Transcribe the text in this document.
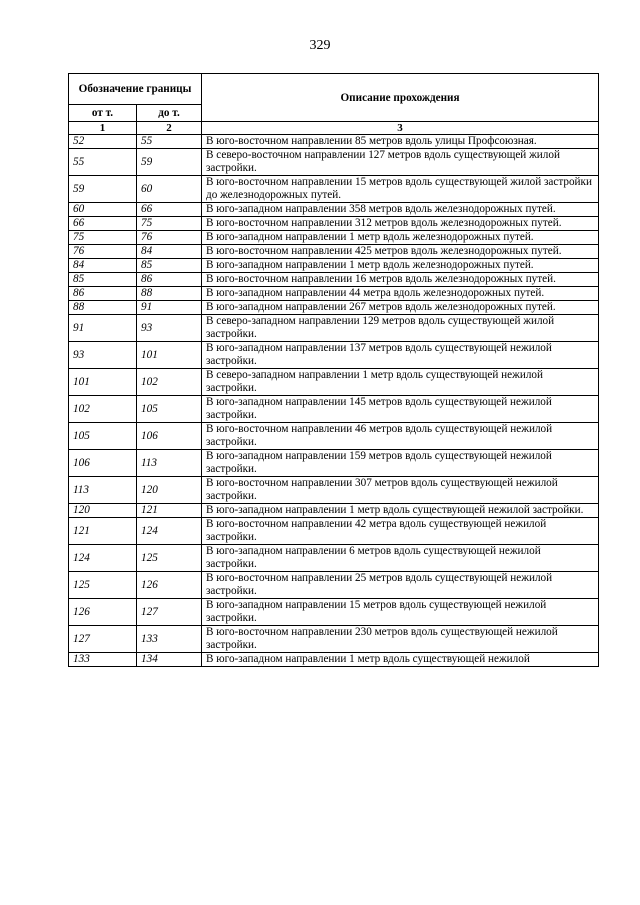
329
Обозначение границы		Описание прохождения
от т.	до т.	
1	2	3
52	55	В юго-восточном направлении 85 метров вдоль улицы Профсоюзная.
55	59	В северо-восточном направлении 127 метров вдоль существующей жилой застройки.
59	60	В юго-восточном направлении 15 метров вдоль существующей жилой застройки до железнодорожных путей.
60	66	В юго-западном направлении 358 метров вдоль железнодорожных путей.
66	75	В юго-восточном направлении 312 метров вдоль железнодорожных путей.
75	76	В юго-западном направлении 1 метр вдоль железнодорожных путей.
76	84	В юго-восточном направлении 425 метров вдоль железнодорожных путей.
84	85	В юго-западном направлении 1 метр вдоль железнодорожных путей.
85	86	В юго-восточном направлении 16 метров вдоль железнодорожных путей.
86	88	В юго-западном направлении 44 метра вдоль железнодорожных путей.
88	91	В юго-западном направлении 267 метров вдоль железнодорожных путей.
91	93	В северо-западном направлении 129 метров вдоль существующей жилой застройки.
93	101	В юго-западном направлении 137 метров вдоль существующей нежилой застройки.
101	102	В северо-западном направлении 1 метр вдоль существующей нежилой застройки.
102	105	В юго-западном направлении 145 метров вдоль существующей нежилой застройки.
105	106	В юго-восточном направлении 46 метров вдоль существующей нежилой застройки.
106	113	В юго-западном направлении 159 метров вдоль существующей нежилой застройки.
113	120	В юго-восточном направлении 307 метров вдоль существующей нежилой застройки.
120	121	В юго-западном направлении 1 метр вдоль существующей нежилой застройки.
121	124	В юго-восточном направлении 42 метра вдоль существующей нежилой застройки.
124	125	В юго-западном направлении 6 метров вдоль существующей нежилой застройки.
125	126	В юго-восточном направлении 25 метров вдоль существующей нежилой застройки.
126	127	В юго-западном направлении 15 метров вдоль существующей нежилой застройки.
127	133	В юго-восточном направлении 230 метров вдоль существующей нежилой застройки.
133	134	В юго-западном направлении 1 метр вдоль существующей нежилой
